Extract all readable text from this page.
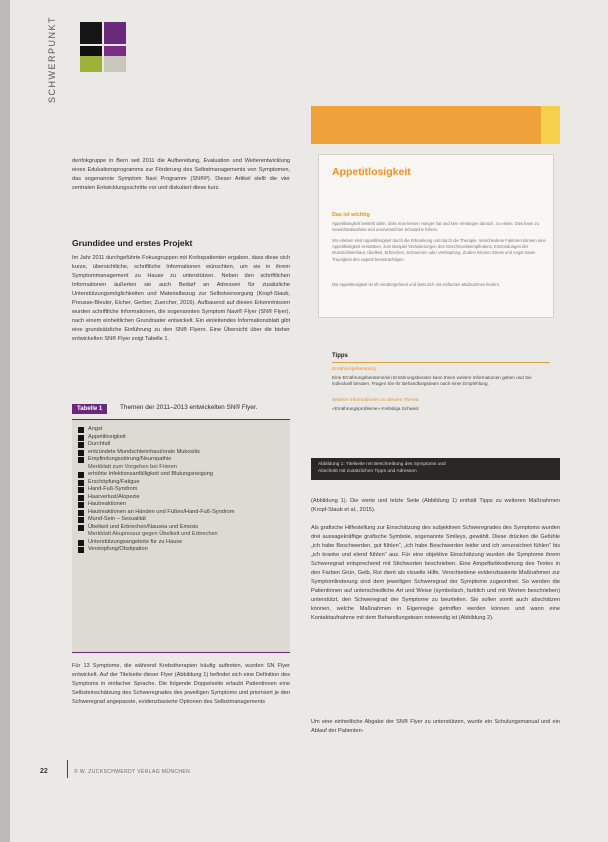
SCHWERPUNKT

denfokgruppe in Bern seit 2011 die Aufbereitung, Evaluation und Weiterentwicklung eines Edukationsprogramms zur Förderung des Selbstmanagements von Symptomen, das sogenannte Symptom Navi Programm (SN®P). Dieser Artikel stellt die vier zentralen Entwicklungsschritte vor und diskutiert diese kurz.

Grundidee und erstes Projekt

Im Jahr 2011 durchgeführte Fokusgruppen mit Krebspatienten ergaben, dass diese sich kurze, übersichtliche, schriftliche Informationen wünschten, um sie in ihrem Symptommanagement zu Hause zu unterstützen. Neben den schriftlichen Informationen äußerten sie auch Bedarf an Adressen für zusätzliche Unterstützungsmöglichkeiten und Materialbezug zur Selbstversorgung (Kropf-Staub, Preusse-Bleuler, Eicher, Gerber, Zuercher, 2016). Aufbauend auf diesen Erkenntnissen wurden schriftliche Informationen, die sogenannten Symptom Navi® Flyer (SN® Flyer), nach einem einheitlichen Grundraster entwickelt. Ein einleitendes Informationsblatt gibt eine grundsätzliche Einführung zu den SN® Flyern. Eine Übersicht über die bisher entwickelten SN® Flyer zeigt Tabelle 1.

Tabelle 1	Themen der 2011–2013 entwickelten SN® Flyer.
Angst
Appetitlosigkeit
Durchfall
entzündete Mundschleimhaut/orale Mukositis
Empfindungsstörung/Neuropathie
Merkblatt zum Vorgehen bei Frieren
erhöhte Infektionsanfälligkeit und Blutungsneigung
Erschöpfung/Fatigue
Hand-Fuß-Syndrom
Haarverlust/Alopezie
Hautreaktionen
Hautreaktionen an Händen und Füßen/Hand-Fuß-Syndrom
Mund-Sein – Sexualität
Übelkeit und Erbrechen/Nausea und Emesis
Merkblatt Akupressur gegen Übelkeit und Erbrechen
Unterstützungsangebote für zu Hause
Verstopfung/Obstipation

Für 13 Symptome, die während Krebstherapien häufig auftreten, wurden SN Flyer entwickelt. Auf der Titelseite dieser Flyer (Abbildung 1) befindet sich eine Definition des Symptoms in einfacher Sprache. Die folgende Doppelseite erlaubt Patientinnen eine Selbsteinschätzung des Schweregrades des jeweiligen Symptoms und priorisiert je den Schweregrad angepasste, evidenzbasierte Optionen des Selbstmanagements

Appetitlosigkeit
Das ist wichtig

Appetitlosigkeit besteht darin, dass man keinen Hunger hat und kein Verlangen danach, zu essen. Dies kann zu Gewichtsabnahme und unerwünschter Schwäche führen.

Wo erleben sind Appetitlosigkeit durch die Erkrankung und durch die Therapie. Verschiedene Faktoren können eine Appetitlosigkeit verstärken, zum Beispiel Veränderungen des Geschmacksempfindens, Entzündungen der Mundschleimhaut, Übelkeit, Erbrechen, Schmerzen oder Verstopfung. Zudem können Stress und Angst sowie Traurigkeit den Appetit beeinträchtigen.

Die Appetitlosigkeit ist oft vorübergehend und lässt sich mit einfachen Maßnahmen lindern.

Tipps
Ernährungsberatung
Eine Ernährungsberaterin/ein Ernährungsberater kann Ihnen weitere Informationen geben und Sie individuell beraten. Fragen Sie Ihr Behandlungsteam nach einer Empfehlung.
Weitere Informationen zu diesem Thema
«Ernährungsprobleme» Krebsliga Schweiz
Abbildung 1: Titelseite mit Beschreibung des Symptoms und
Abschnitt mit zusätzlichen Tipps und Adressen

(Abbildung 1). Die vierte und letzte Seite (Abbildung 1) enthält Tipps zu weiteren Maßnahmen (Kropf-Staub et al., 2015).

Als grafische Hilfestellung zur Einschätzung des subjektiven Schweregrades des Symptoms wurden drei aussagekräftige grafische Symbole, sogenannte Smileys, gewählt. Diese drücken die Gefühle „ich habe Beschwerden, gut fühlen“, „ich habe Beschwerden leider und ich verunsichert fühlen“ bis „ich kranke und elend fühlen“ aus. Für eine objektive Einschätzung wurden die Symptome ihrem Schweregrad entsprechend mit Stichworten beschrieben. Eine Ampelfarbkodierung des Textes in den Farben Grün, Gelb, Rot dient als visuelle Hilfe. Verschiedene evidenzbasierte Maßnahmen zur Symptomlinderung sind dem jeweiligen Schweregrad der Symptome zugeordnet. So werden die Patientinnen auf unterschiedliche Art und Weise (symbolisch, farblich und mit Worten beschrieben) unterstützt, den Schweregrad der Symptome zu beurteilen. Sie sollen somit auch abschätzen können, welche Maßnahmen in Eigenregie getroffen werden können und wann eine Kontaktaufnahme mit dem Behandlungsteam notwendig ist (Abbildung 2).

Um eine einheitliche Abgabe der SN® Flyer zu unterstützen, wurde ein Schulungsmanual und ein Ablauf der Patienten-

22	© W. ZUCKSCHWERDT VERLAG MÜNCHEN
